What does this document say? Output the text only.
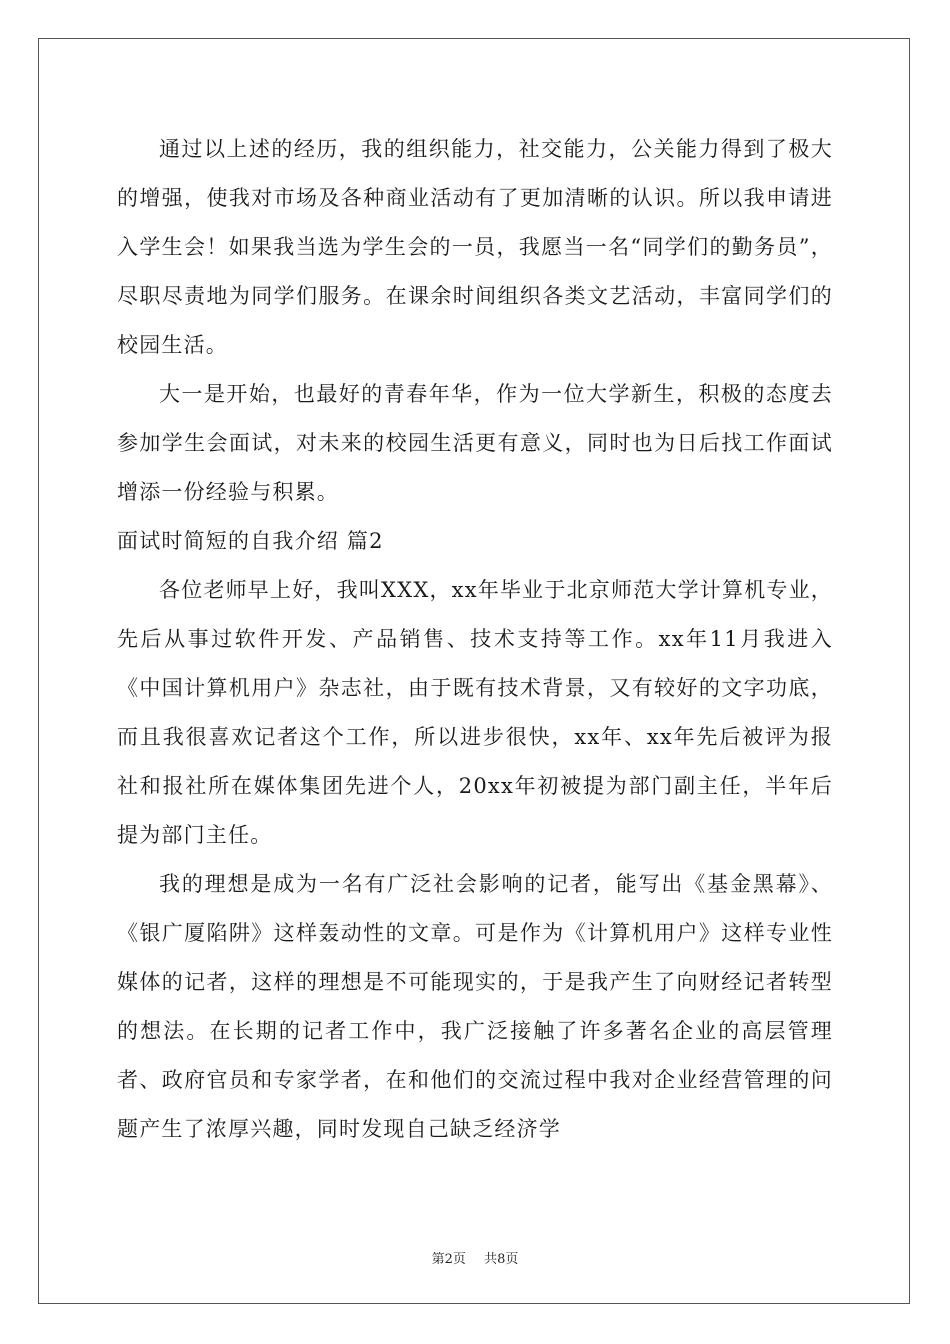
通过以上述的经历，我的组织能力，社交能力，公关能力得到了极大的增强，使我对市场及各种商业活动有了更加清晰的认识。所以我申请进入学生会！如果我当选为学生会的一员，我愿当一名“同学们的勤务员”，尽职尽责地为同学们服务。在课余时间组织各类文艺活动，丰富同学们的校园生活。

大一是开始，也最好的青春年华，作为一位大学新生，积极的态度去参加学生会面试，对未来的校园生活更有意义，同时也为日后找工作面试增添一份经验与积累。

面试时简短的自我介绍 篇2

各位老师早上好，我叫XXX，xx年毕业于北京师范大学计算机专业，先后从事过软件开发、产品销售、技术支持等工作。xx年11月我进入《中国计算机用户》杂志社，由于既有技术背景，又有较好的文字功底，而且我很喜欢记者这个工作，所以进步很快，xx年、xx年先后被评为报社和报社所在媒体集团先进个人，20xx年初被提为部门副主任，半年后提为部门主任。

我的理想是成为一名有广泛社会影响的记者，能写出《基金黑幕》、《银广厦陷阱》这样轰动性的文章。可是作为《计算机用户》这样专业性媒体的记者，这样的理想是不可能现实的，于是我产生了向财经记者转型的想法。在长期的记者工作中，我广泛接触了许多著名企业的高层管理者、政府官员和专家学者，在和他们的交流过程中我对企业经营管理的问题产生了浓厚兴趣，同时发现自己缺乏经济学

第2页 共8页
